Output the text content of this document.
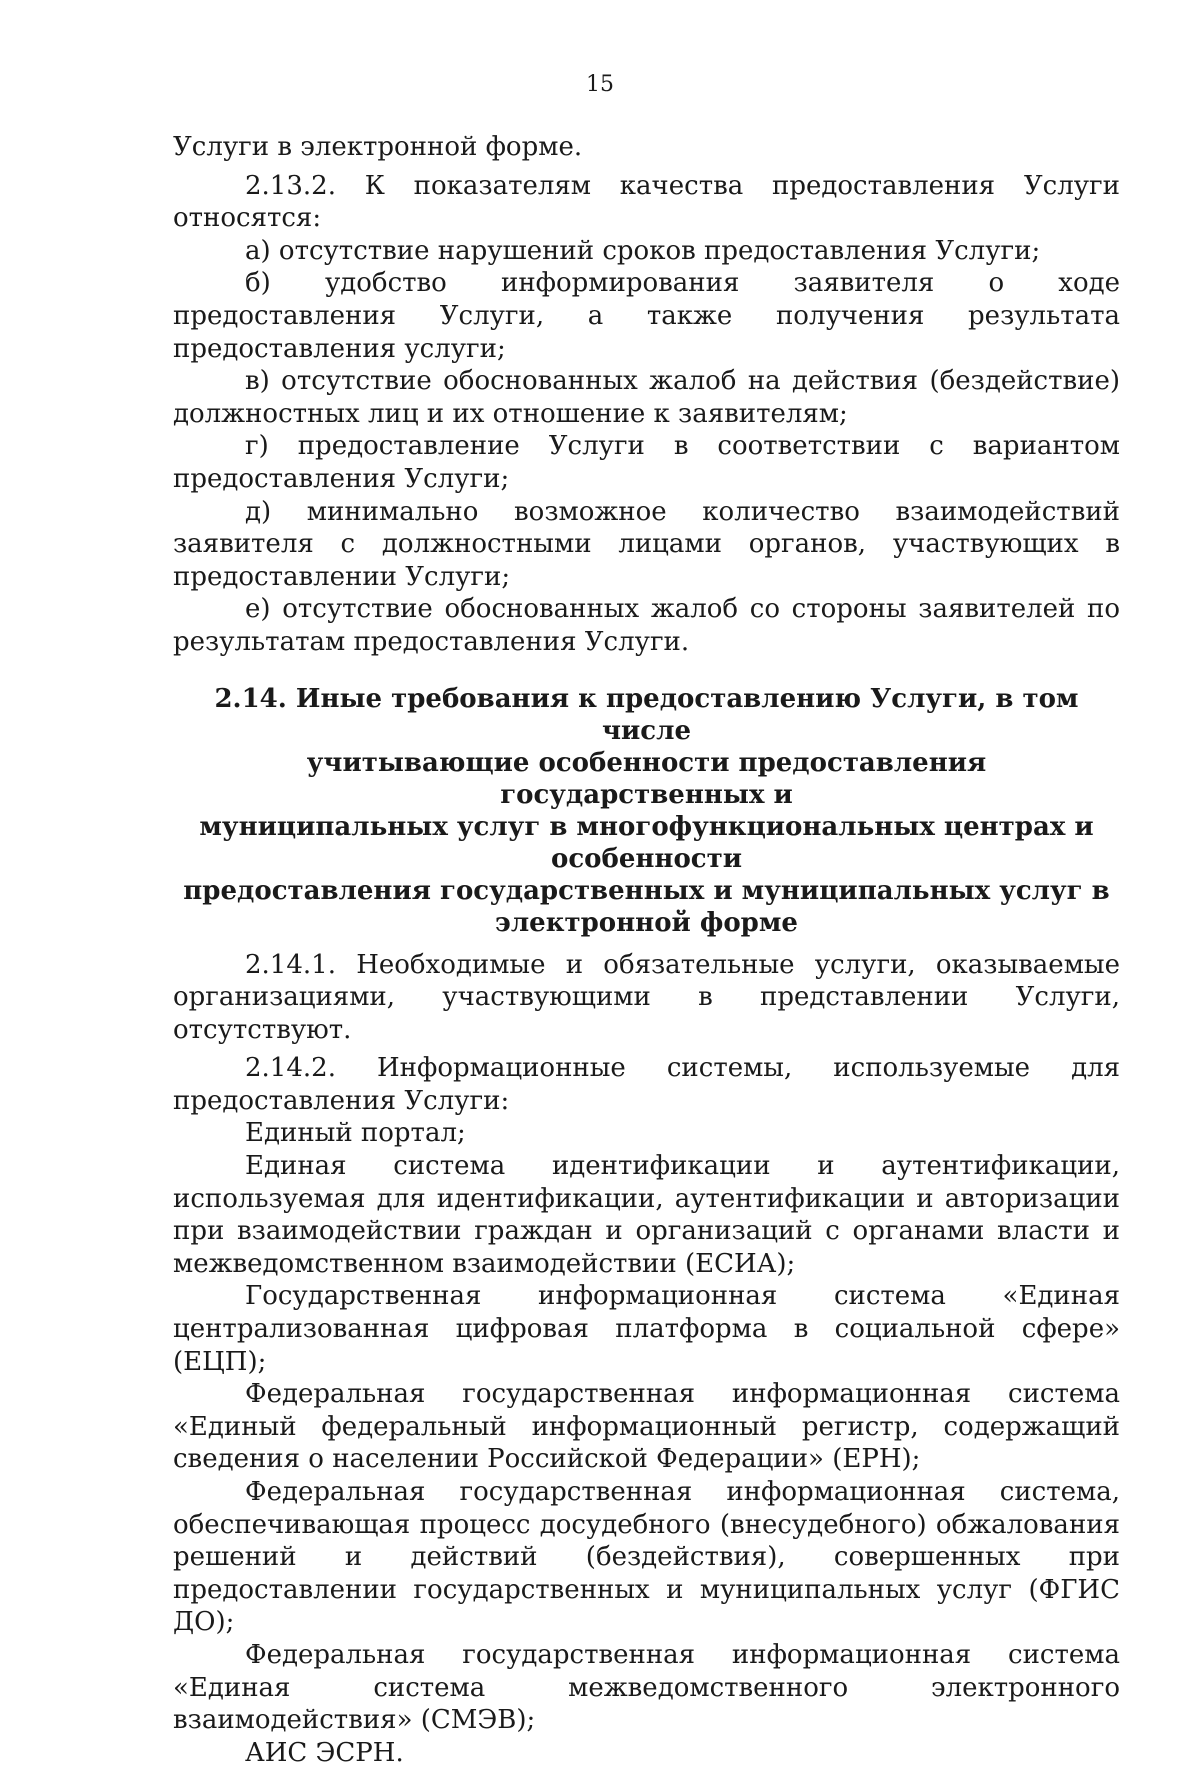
15

Услуги в электронной форме.

2.13.2. К показателям качества предоставления Услуги относятся:

а) отсутствие нарушений сроков предоставления Услуги;

б) удобство информирования заявителя о ходе предоставления Услуги, а также получения результата предоставления услуги;

в) отсутствие обоснованных жалоб на действия (бездействие) должностных лиц и их отношение к заявителям;

г) предоставление Услуги в соответствии с вариантом предоставления Услуги;

д) минимально возможное количество взаимодействий заявителя с должностными лицами органов, участвующих в предоставлении Услуги;

е) отсутствие обоснованных жалоб со стороны заявителей по результатам предоставления Услуги.

2.14. Иные требования к предоставлению Услуги, в том числе
учитывающие особенности предоставления государственных и
муниципальных услуг в многофункциональных центрах и особенности
предоставления государственных и муниципальных услуг в
электронной форме

2.14.1. Необходимые и обязательные услуги, оказываемые организациями, участвующими в представлении Услуги, отсутствуют.

2.14.2. Информационные системы, используемые для предоставления Услуги:

Единый портал;

Единая система идентификации и аутентификации, используемая для идентификации, аутентификации и авторизации при взаимодействии граждан и организаций с органами власти и межведомственном взаимодействии (ЕСИА);

Государственная информационная система «Единая централизованная цифровая платформа в социальной сфере» (ЕЦП);

Федеральная государственная информационная система «Единый федеральный информационный регистр, содержащий сведения о населении Российской Федерации» (ЕРН);

Федеральная государственная информационная система, обеспечивающая процесс досудебного (внесудебного) обжалования решений и действий (бездействия), совершенных при предоставлении государственных и муниципальных услуг (ФГИС ДО);

Федеральная государственная информационная система «Единая система межведомственного электронного взаимодействия» (СМЭВ);

АИС ЭСРН.
